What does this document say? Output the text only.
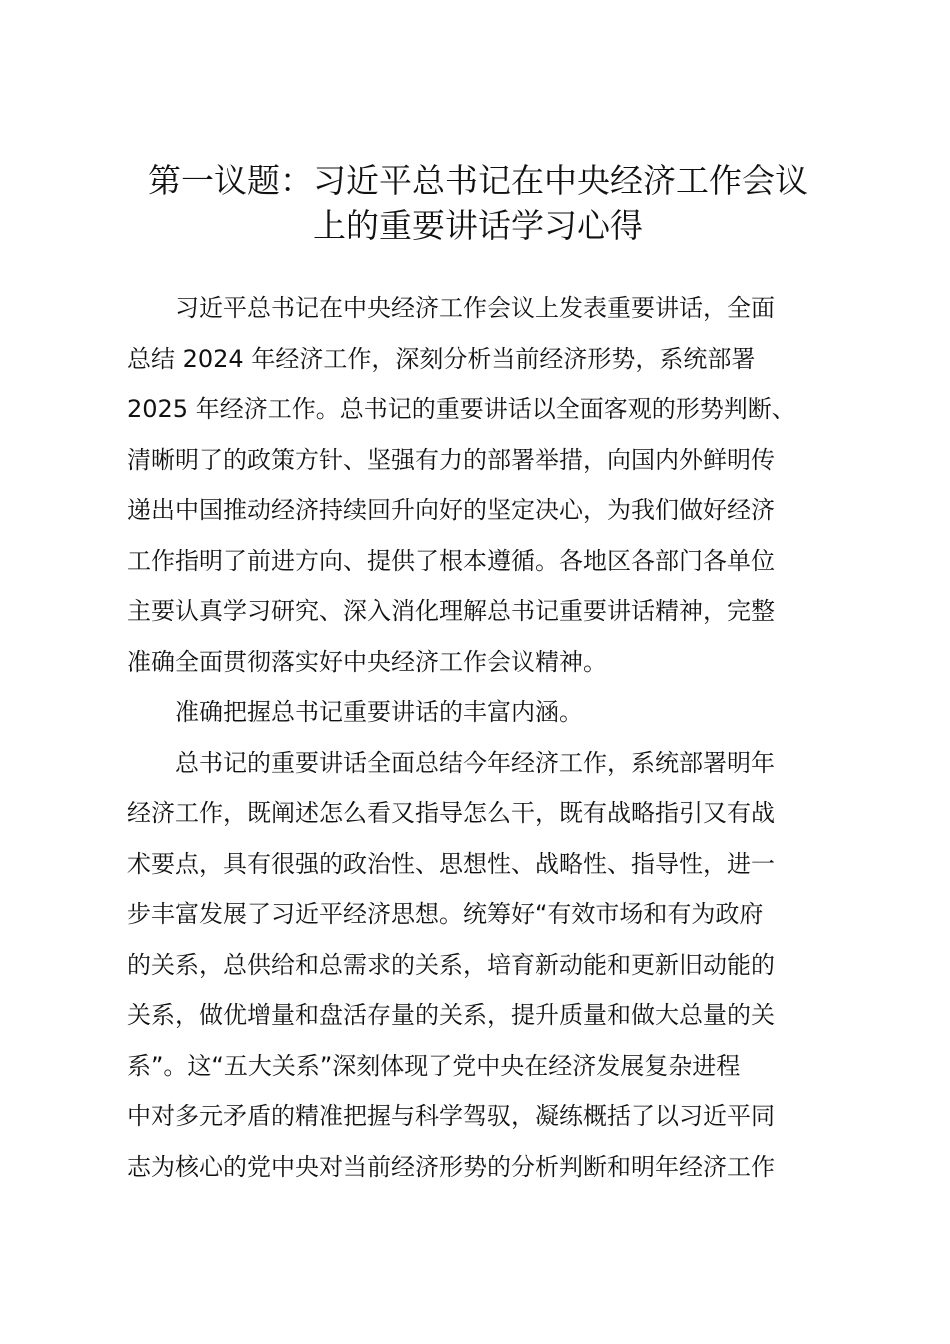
第一议题：习近平总书记在中央经济工作会议
上的重要讲话学习心得
习近平总书记在中央经济工作会议上发表重要讲话，全面
总结 2024 年经济工作，深刻分析当前经济形势，系统部署
2025 年经济工作。总书记的重要讲话以全面客观的形势判断、
清晰明了的政策方针、坚强有力的部署举措，向国内外鲜明传
递出中国推动经济持续回升向好的坚定决心，为我们做好经济
工作指明了前进方向、提供了根本遵循。各地区各部门各单位
主要认真学习研究、深入消化理解总书记重要讲话精神，完整
准确全面贯彻落实好中央经济工作会议精神。
准确把握总书记重要讲话的丰富内涵。
总书记的重要讲话全面总结今年经济工作，系统部署明年
经济工作，既阐述怎么看又指导怎么干，既有战略指引又有战
术要点，具有很强的政治性、思想性、战略性、指导性，进一
步丰富发展了习近平经济思想。统筹好“有效市场和有为政府
的关系，总供给和总需求的关系，培育新动能和更新旧动能的
关系，做优增量和盘活存量的关系，提升质量和做大总量的关
系”。这“五大关系”深刻体现了党中央在经济发展复杂进程
中对多元矛盾的精准把握与科学驾驭，凝练概括了以习近平同
志为核心的党中央对当前经济形势的分析判断和明年经济工作
